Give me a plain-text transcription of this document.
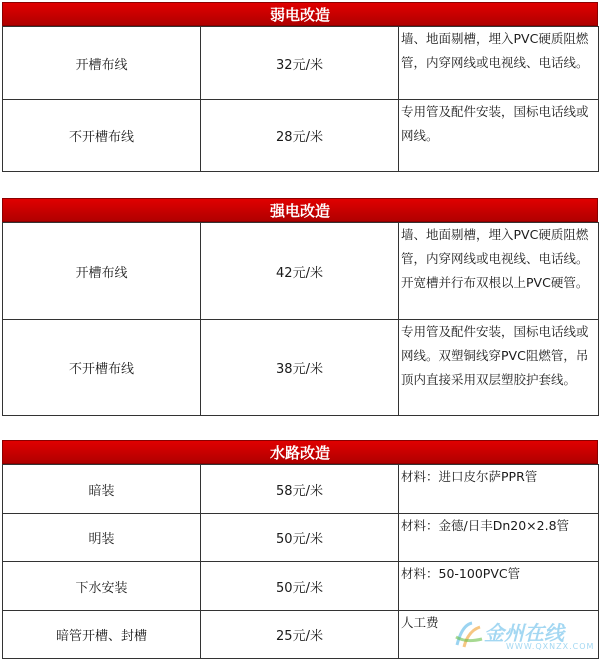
弱电改造
开槽布线	32元/米	墙、地面剔槽，埋入PVC硬质阻燃管，内穿网线或电视线、电话线。
不开槽布线	28元/米	专用管及配件安装，国标电话线或网线。
强电改造
开槽布线	42元/米	墙、地面剔槽，埋入PVC硬质阻燃管，内穿网线或电视线、电话线。开宽槽并行布双根以上PVC硬管。
不开槽布线	38元/米	专用管及配件安装，国标电话线或网线。双塑铜线穿PVC阻燃管，吊顶内直接采用双层塑胶护套线。
水路改造
暗装	58元/米	材料：进口皮尔萨PPR管
明装	50元/米	材料：金德/日丰Dn20×2.8管
下水安装	50元/米	材料：50-100PVC管
暗管开槽、封槽	25元/米	人工费 金州在线
WWW.QXNZX.COM
